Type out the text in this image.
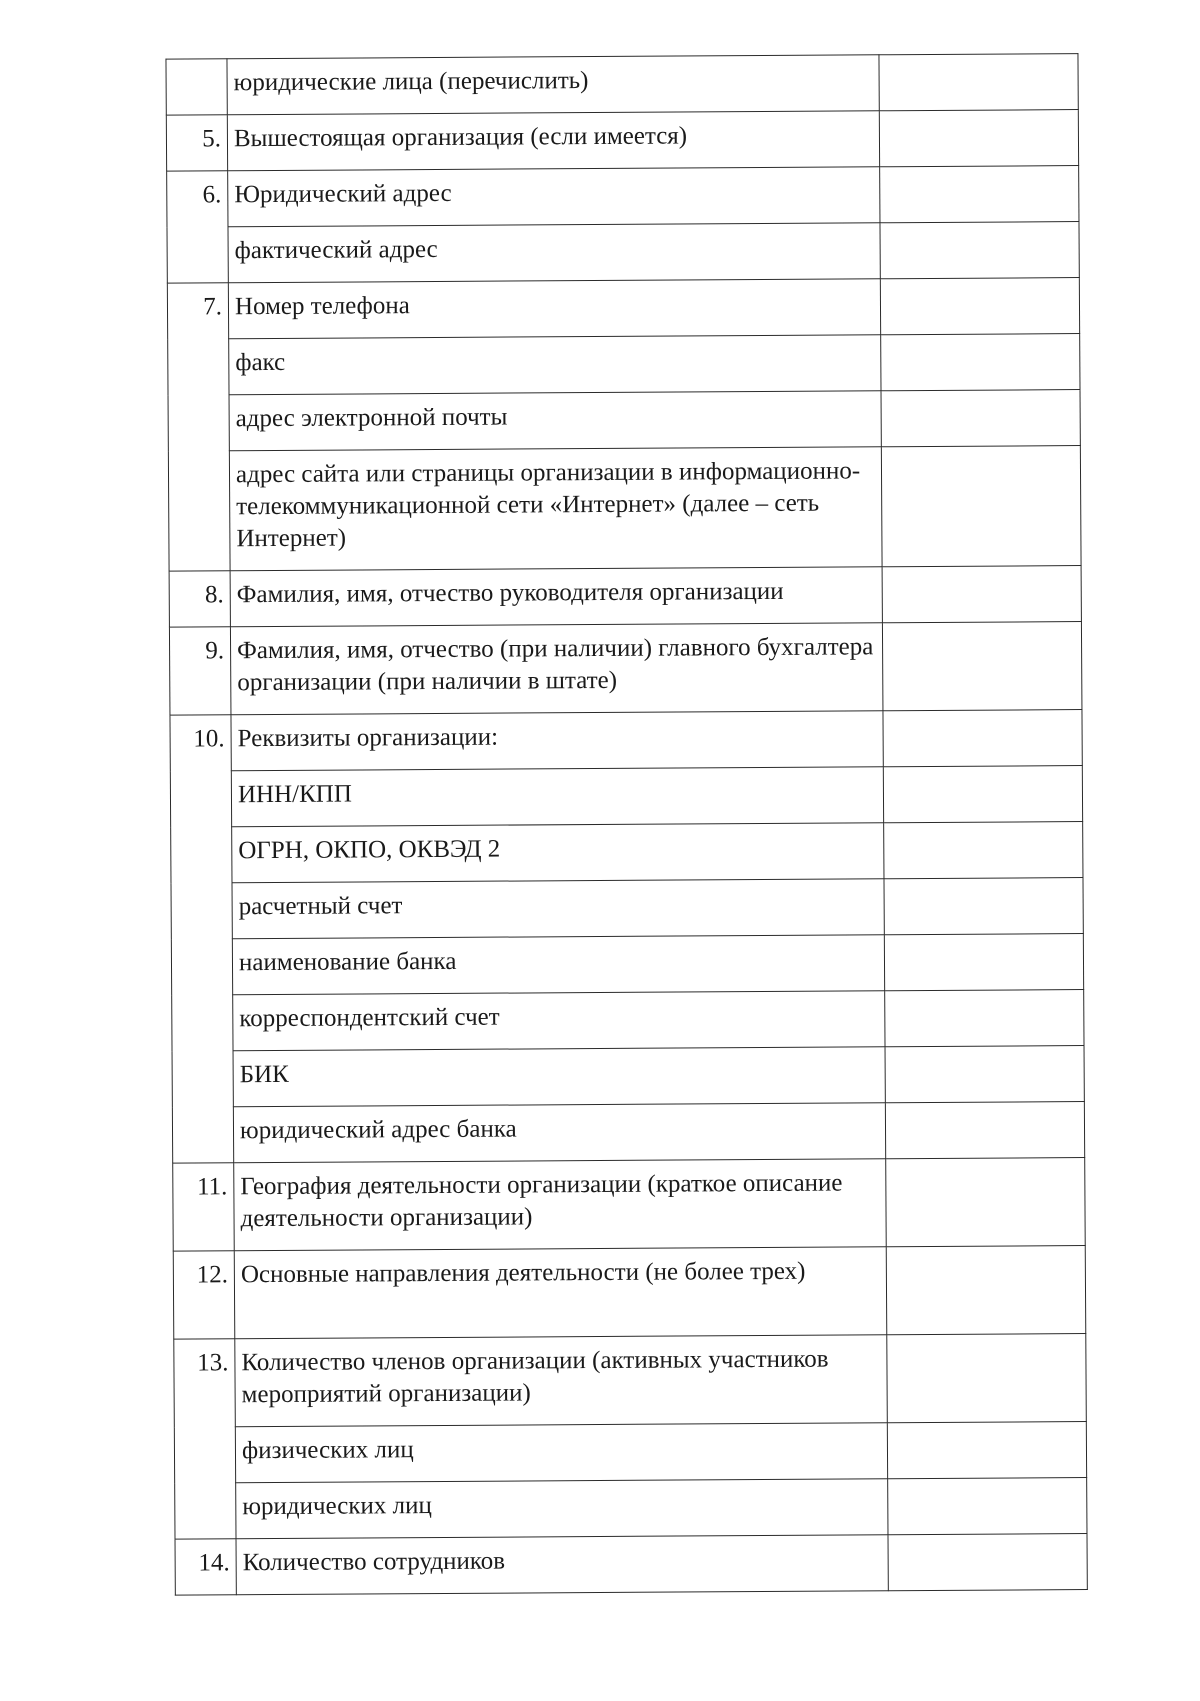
	юридические лица (перечислить)	
5.	Вышестоящая организация (если имеется)	
6.	Юридический адрес	
	фактический адрес	
7.	Номер телефона	
	факс	
	адрес электронной почты	
	адрес сайта или страницы организации в информационно-телекоммуникационной сети «Интернет» (далее – сеть Интернет)	
8.	Фамилия, имя, отчество руководителя организации	
9.	Фамилия, имя, отчество (при наличии) главного бухгалтера организации (при наличии в штате)	
10.	Реквизиты организации:	
	ИНН/КПП	
	ОГРН, ОКПО, ОКВЭД 2	
	расчетный счет	
	наименование банка	
	корреспондентский счет	
	БИК	
	юридический адрес банка	
11.	География деятельности организации (краткое описание деятельности организации)	
12.	Основные направления деятельности (не более трех)	
13.	Количество членов организации (активных участников мероприятий организации)	
	физических лиц	
	юридических лиц	
14.	Количество сотрудников	
